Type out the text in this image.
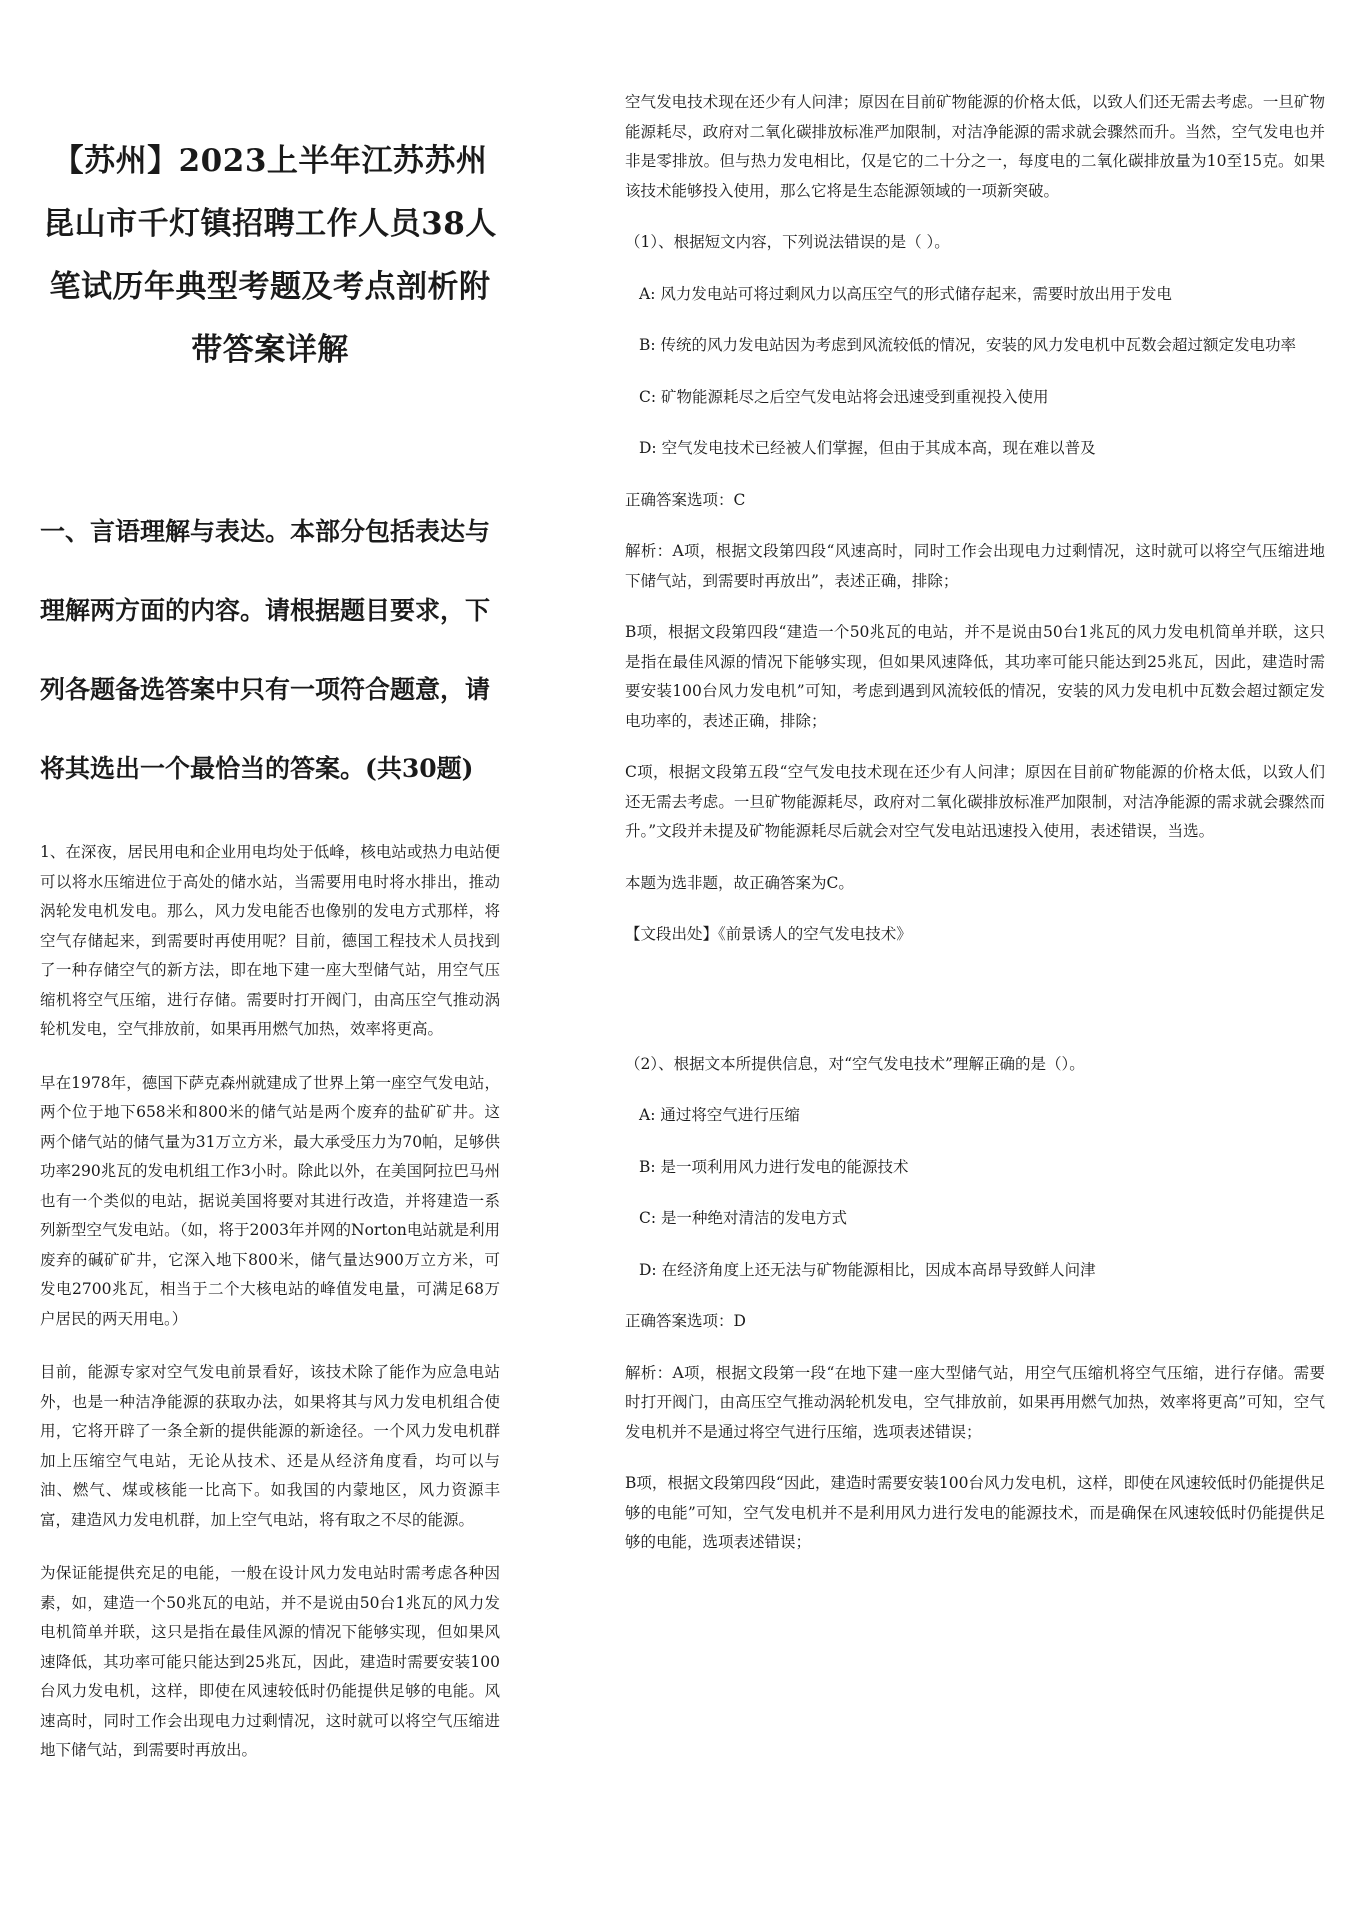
【苏州】2023上半年江苏苏州昆山市千灯镇招聘工作人员38人笔试历年典型考题及考点剖析附带答案详解
一、言语理解与表达。本部分包括表达与理解两方面的内容。请根据题目要求，下列各题备选答案中只有一项符合题意，请将其选出一个最恰当的答案。(共30题)

1、在深夜，居民用电和企业用电均处于低峰，核电站或热力电站便可以将水压缩进位于高处的储水站，当需要用电时将水排出，推动涡轮发电机发电。那么，风力发电能否也像别的发电方式那样，将空气存储起来，到需要时再使用呢？目前，德国工程技术人员找到了一种存储空气的新方法，即在地下建一座大型储气站，用空气压缩机将空气压缩，进行存储。需要时打开阀门，由高压空气推动涡轮机发电，空气排放前，如果再用燃气加热，效率将更高。

早在1978年，德国下萨克森州就建成了世界上第一座空气发电站，两个位于地下658米和800米的储气站是两个废弃的盐矿矿井。这两个储气站的储气量为31万立方米，最大承受压力为70帕，足够供功率290兆瓦的发电机组工作3小时。除此以外，在美国阿拉巴马州也有一个类似的电站，据说美国将要对其进行改造，并将建造一系列新型空气发电站。（如，将于2003年并网的Norton电站就是利用废弃的碱矿矿井，它深入地下800米，储气量达900万立方米，可发电2700兆瓦，相当于二个大核电站的峰值发电量，可满足68万户居民的两天用电。）

目前，能源专家对空气发电前景看好，该技术除了能作为应急电站外，也是一种洁净能源的获取办法，如果将其与风力发电机组合使用，它将开辟了一条全新的提供能源的新途径。一个风力发电机群加上压缩空气电站，无论从技术、还是从经济角度看，均可以与油、燃气、煤或核能一比高下。如我国的内蒙地区，风力资源丰富，建造风力发电机群，加上空气电站，将有取之不尽的能源。

为保证能提供充足的电能，一般在设计风力发电站时需考虑各种因素，如，建造一个50兆瓦的电站，并不是说由50台1兆瓦的风力发电机简单并联，这只是指在最佳风源的情况下能够实现，但如果风速降低，其功率可能只能达到25兆瓦，因此，建造时需要安装100台风力发电机，这样，即使在风速较低时仍能提供足够的电能。风速高时，同时工作会出现电力过剩情况，这时就可以将空气压缩进地下储气站，到需要时再放出。

空气发电技术现在还少有人问津；原因在目前矿物能源的价格太低，以致人们还无需去考虑。一旦矿物能源耗尽，政府对二氧化碳排放标准严加限制，对洁净能源的需求就会骤然而升。当然，空气发电也并非是零排放。但与热力发电相比，仅是它的二十分之一，每度电的二氧化碳排放量为10至15克。如果该技术能够投入使用，那么它将是生态能源领域的一项新突破。

（1）、根据短文内容，下列说法错误的是（ ）。

A: 风力发电站可将过剩风力以高压空气的形式储存起来，需要时放出用于发电

B: 传统的风力发电站因为考虑到风流较低的情况，安装的风力发电机中瓦数会超过额定发电功率

C: 矿物能源耗尽之后空气发电站将会迅速受到重视投入使用

D: 空气发电技术已经被人们掌握，但由于其成本高，现在难以普及

正确答案选项：C

解析：A项，根据文段第四段“风速高时，同时工作会出现电力过剩情况，这时就可以将空气压缩进地下储气站，到需要时再放出”，表述正确，排除；

B项，根据文段第四段“建造一个50兆瓦的电站，并不是说由50台1兆瓦的风力发电机简单并联，这只是指在最佳风源的情况下能够实现，但如果风速降低，其功率可能只能达到25兆瓦，因此，建造时需要安装100台风力发电机”可知，考虑到遇到风流较低的情况，安装的风力发电机中瓦数会超过额定发电功率的，表述正确，排除；

C项，根据文段第五段“空气发电技术现在还少有人问津；原因在目前矿物能源的价格太低，以致人们还无需去考虑。一旦矿物能源耗尽，政府对二氧化碳排放标准严加限制，对洁净能源的需求就会骤然而升。”文段并未提及矿物能源耗尽后就会对空气发电站迅速投入使用，表述错误，当选。

本题为选非题，故正确答案为C。

【文段出处】《前景诱人的空气发电技术》

（2）、根据文本所提供信息，对“空气发电技术”理解正确的是（）。

A: 通过将空气进行压缩

B: 是一项利用风力进行发电的能源技术

C: 是一种绝对清洁的发电方式

D: 在经济角度上还无法与矿物能源相比，因成本高昂导致鲜人问津

正确答案选项：D

解析：A项，根据文段第一段“在地下建一座大型储气站，用空气压缩机将空气压缩，进行存储。需要时打开阀门，由高压空气推动涡轮机发电，空气排放前，如果再用燃气加热，效率将更高”可知，空气发电机并不是通过将空气进行压缩，选项表述错误；

B项，根据文段第四段“因此，建造时需要安装100台风力发电机，这样，即使在风速较低时仍能提供足够的电能”可知，空气发电机并不是利用风力进行发电的能源技术，而是确保在风速较低时仍能提供足够的电能，选项表述错误；
